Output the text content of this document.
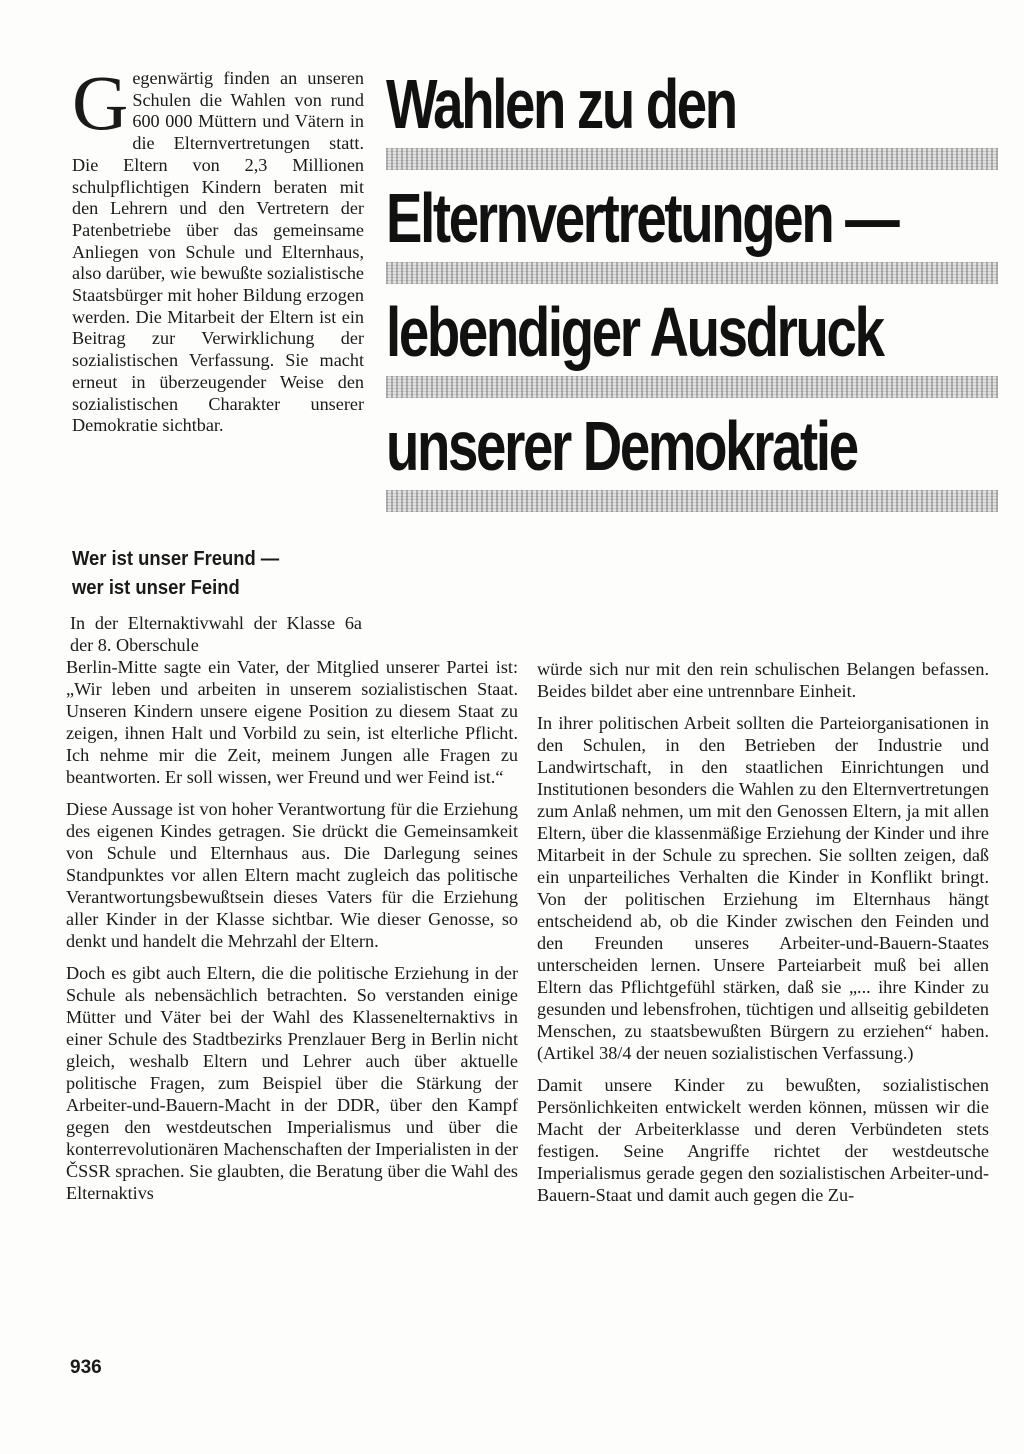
G egenwärtig finden an unseren Schulen die Wahlen von rund 600 000 Müttern und Vätern in die Elternvertretungen statt. Die Eltern von 2,3 Millionen schulpflichtigen Kindern beraten mit den Lehrern und den Vertretern der Patenbetriebe über das gemeinsame Anliegen von Schule und Elternhaus, also darüber, wie bewußte sozialistische Staatsbürger mit hoher Bildung erzogen werden. Die Mitarbeit der Eltern ist ein Beitrag zur Verwirklichung der sozialistischen Verfassung. Sie macht erneut in überzeugender Weise den sozialistischen Charakter unserer Demokratie sichtbar.

Wahlen zu den
Elternvertretungen —
lebendiger Ausdruck
unserer Demokratie
Wer ist unser Freund —
wer ist unser Feind

In der Elternaktivwahl der Klasse 6a der 8. Oberschule

Berlin-Mitte sagte ein Vater, der Mitglied unserer Partei ist: „Wir leben und arbeiten in unserem sozialistischen Staat. Unseren Kindern unsere eigene Position zu diesem Staat zu zeigen, ihnen Halt und Vorbild zu sein, ist elterliche Pflicht. Ich nehme mir die Zeit, meinem Jungen alle Fragen zu beantworten. Er soll wissen, wer Freund und wer Feind ist.“

Diese Aussage ist von hoher Verantwortung für die Erziehung des eigenen Kindes getragen. Sie drückt die Gemeinsamkeit von Schule und Elternhaus aus. Die Darlegung seines Standpunktes vor allen Eltern macht zugleich das politische Verantwortungsbewußtsein dieses Vaters für die Erziehung aller Kinder in der Klasse sichtbar. Wie dieser Genosse, so denkt und handelt die Mehrzahl der Eltern.

Doch es gibt auch Eltern, die die politische Erziehung in der Schule als nebensächlich betrachten. So verstanden einige Mütter und Väter bei der Wahl des Klassenelternaktivs in einer Schule des Stadtbezirks Prenzlauer Berg in Berlin nicht gleich, weshalb Eltern und Lehrer auch über aktuelle politische Fragen, zum Beispiel über die Stärkung der Arbeiter-und-Bauern-Macht in der DDR, über den Kampf gegen den westdeutschen Imperialismus und über die konterrevolutionären Machenschaften der Imperialisten in der ČSSR sprachen. Sie glaubten, die Beratung über die Wahl des Elternaktivs

würde sich nur mit den rein schulischen Belangen befassen. Beides bildet aber eine untrennbare Einheit.

In ihrer politischen Arbeit sollten die Parteiorganisationen in den Schulen, in den Betrieben der Industrie und Landwirtschaft, in den staatlichen Einrichtungen und Institutionen besonders die Wahlen zu den Elternvertretungen zum Anlaß nehmen, um mit den Genossen Eltern, ja mit allen Eltern, über die klassenmäßige Erziehung der Kinder und ihre Mitarbeit in der Schule zu sprechen. Sie sollten zeigen, daß ein unparteiliches Verhalten die Kinder in Konflikt bringt. Von der politischen Erziehung im Elternhaus hängt entscheidend ab, ob die Kinder zwischen den Feinden und den Freunden unseres Arbeiter-und-Bauern-Staates unterscheiden lernen. Unsere Parteiarbeit muß bei allen Eltern das Pflichtgefühl stärken, daß sie „... ihre Kinder zu gesunden und lebensfrohen, tüchtigen und allseitig gebildeten Menschen, zu staatsbewußten Bürgern zu erziehen“ haben. (Artikel 38/4 der neuen sozialistischen Verfassung.)

Damit unsere Kinder zu bewußten, sozialistischen Persönlichkeiten entwickelt werden können, müssen wir die Macht der Arbeiterklasse und deren Verbündeten stets festigen. Seine Angriffe richtet der westdeutsche Imperialismus gerade gegen den sozialistischen Arbeiter-und-Bauern-Staat und damit auch gegen die Zu-

936
